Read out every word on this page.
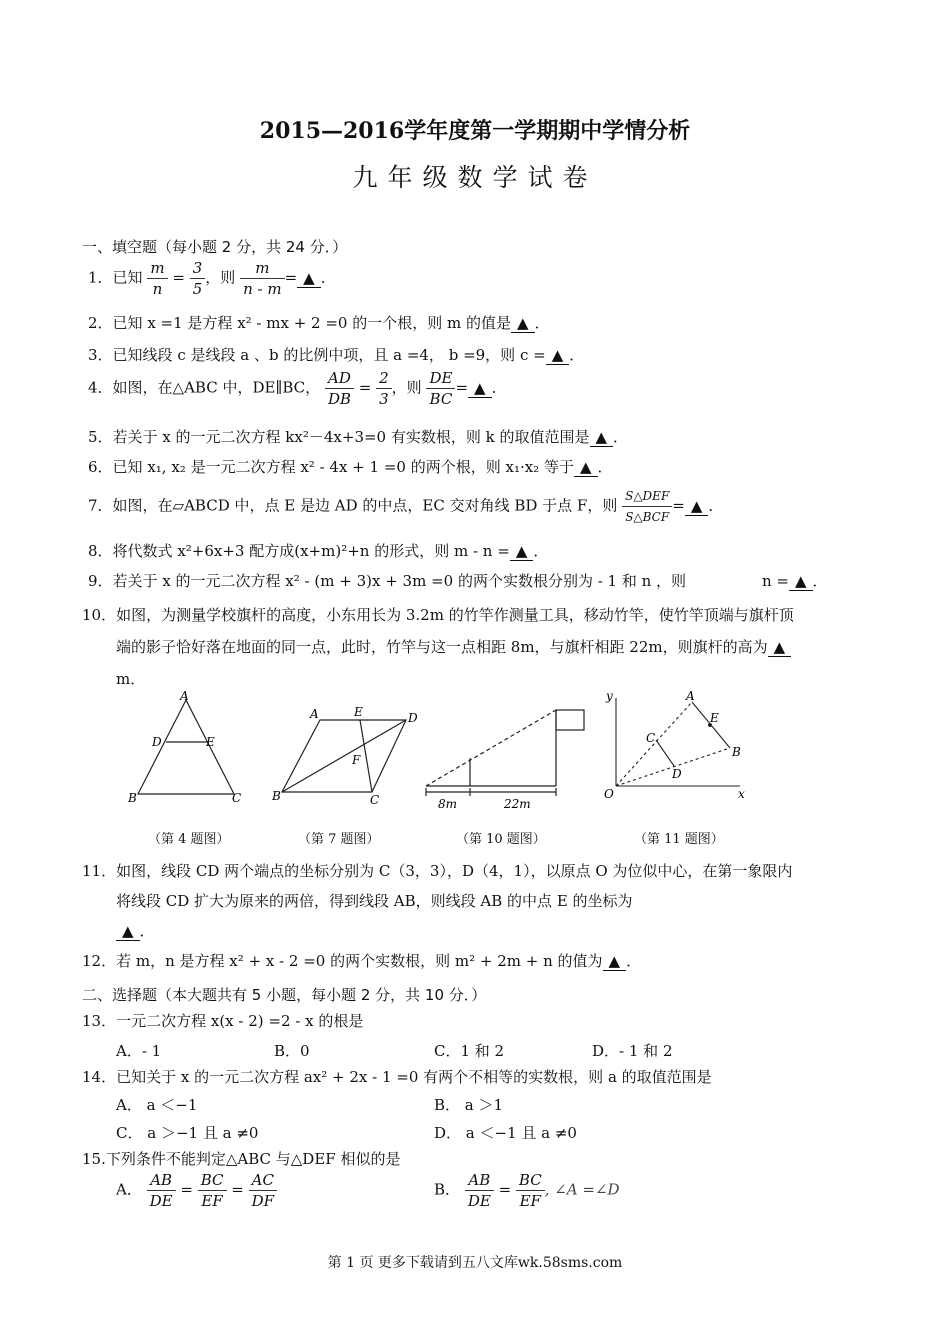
2015—2016学年度第一学期期中学情分析
九年级数学试卷
一、填空题（每小题 2 分，共 24 分．）
1．已知 $\frac{m}{n} = \frac{3}{5}$ ，则 $\frac{m}{n - m}$ = ▲ ．
2．已知 x =1 是方程 x² - mx + 2 =0 的一个根，则 m 的值是 ▲ ．
3．已知线段 c 是线段 a 、b 的比例中项，且 a =4， b =9，则 c = ▲ ．
4．如图，在△ABC 中，DE∥BC， $\frac{AD}{DB} = \frac{2}{3}$ ，则 $\frac{DE}{BC}$ = ▲ ．
5．若关于 x 的一元二次方程 kx²－4x+3=0 有实数根，则 k 的取值范围是 ▲ ．
6．已知 x₁, x₂ 是一元二次方程 x² - 4x + 1 =0 的两个根，则 x₁·x₂ 等于 ▲ ．
7．如图，在▱ABCD 中，点 E 是边 AD 的中点，EC 交对角线 BD 于点 F，则 $\frac{\text{S△DEF}}{\text{S△BCF}}$ = ▲ ．
8．将代数式 x²+6x+3 配方成(x+m)²+n 的形式，则 m - n = ▲ ．
9．若关于 x 的一元二次方程 x² - (m + 3)x + 3m =0 的两个实数根分别为 - 1 和 n ，则	n = ▲ ．
10．如图，为测量学校旗杆的高度，小东用长为 3.2m 的竹竿作测量工具，移动竹竿，使竹竿顶端与旗杆顶
端的影子恰好落在地面的同一点，此时，竹竿与这一点相距 8m，与旗杆相距 22m，则旗杆的高为 ▲
m．
A
B	C
D	E
A	E	D
B	C
F
8m	22m
y
x
O
A
B
C
D
E
（第 4 题图）	（第 7 题图）	（第 10 题图）	（第 11 题图）
11．如图，线段 CD 两个端点的坐标分别为 C（3，3），D（4，1），以原点 O 为位似中心，在第一象限内
将线段 CD 扩大为原来的两倍，得到线段 AB，则线段 AB 的中点 E 的坐标为
▲ ．
12．若 m，n 是方程 x² + x - 2 =0 的两个实数根，则 m² + 2m + n 的值为 ▲ ．
二、选择题（本大题共有 5 小题，每小题 2 分，共 10 分．）
13．一元二次方程 x(x - 2) =2 - x 的根是
A．- 1	B．0	C．1 和 2	D．- 1 和 2
14．已知关于 x 的一元二次方程 ax² + 2x - 1 =0 有两个不相等的实数根，则 a 的取值范围是
A． a ＜−1	B． a ＞1
C． a ＞−1 且 a ≠0	D． a ＜−1 且 a ≠0
15.下列条件不能判定△ABC 与△DEF 相似的是
A． $\frac{AB}{DE} = \frac{BC}{EF} = \frac{AC}{DF}$	B． $\frac{AB}{DE} = \frac{BC}{EF}$ , ∠A =∠D
第 1 页 更多下载请到五八文库wk.58sms.com
